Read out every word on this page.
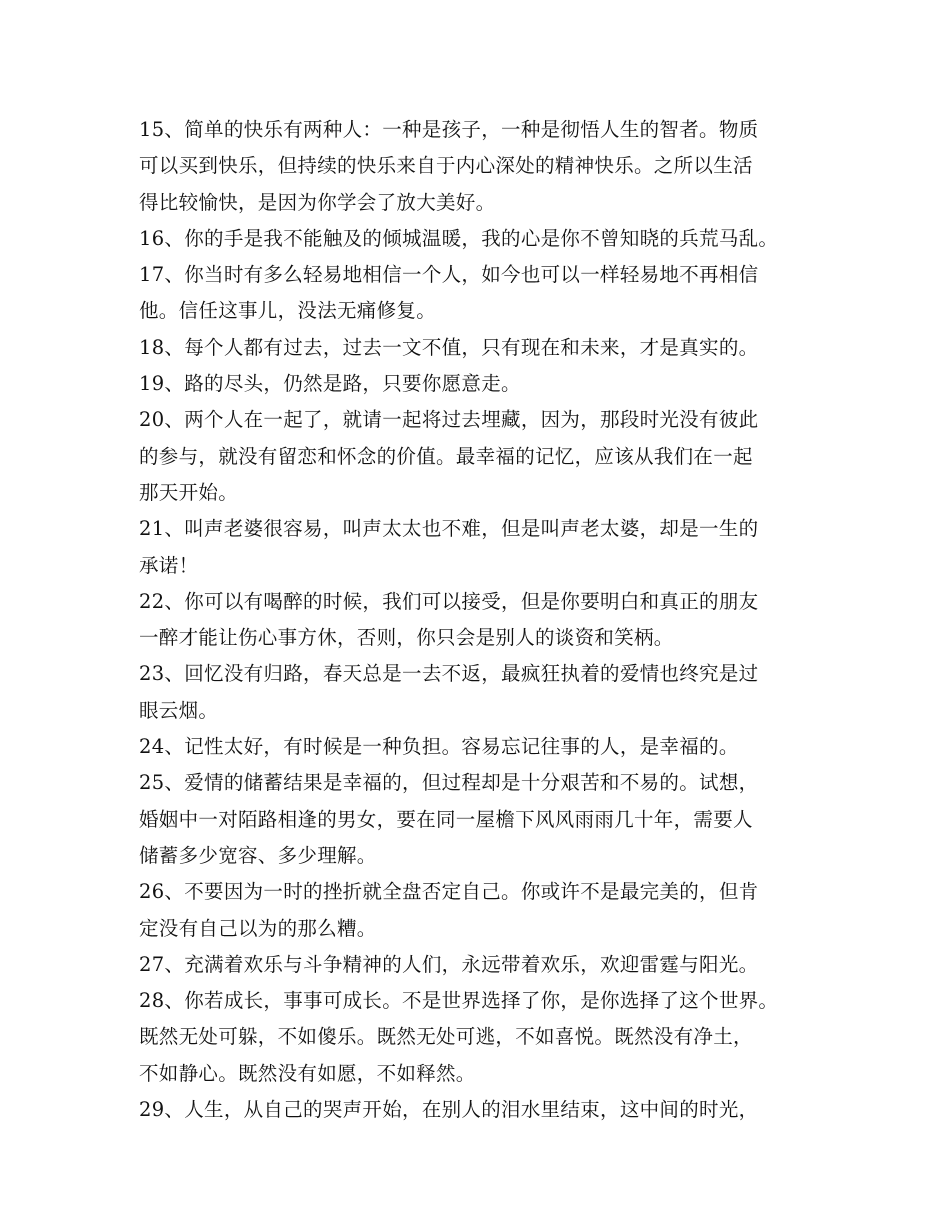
15、简单的快乐有两种人：一种是孩子，一种是彻悟人生的智者。物质
可以买到快乐，但持续的快乐来自于内心深处的精神快乐。之所以生活
得比较愉快，是因为你学会了放大美好。

16、你的手是我不能触及的倾城温暖，我的心是你不曾知晓的兵荒马乱。

17、你当时有多么轻易地相信一个人，如今也可以一样轻易地不再相信
他。信任这事儿，没法无痛修复。

18、每个人都有过去，过去一文不值，只有现在和未来，才是真实的。

19、路的尽头，仍然是路，只要你愿意走。

20、两个人在一起了，就请一起将过去埋藏，因为，那段时光没有彼此
的参与，就没有留恋和怀念的价值。最幸福的记忆，应该从我们在一起
那天开始。

21、叫声老婆很容易，叫声太太也不难，但是叫声老太婆，却是一生的
承诺！

22、你可以有喝醉的时候，我们可以接受，但是你要明白和真正的朋友
一醉才能让伤心事方休，否则，你只会是别人的谈资和笑柄。

23、回忆没有归路，春天总是一去不返，最疯狂执着的爱情也终究是过
眼云烟。

24、记性太好，有时候是一种负担。容易忘记往事的人，是幸福的。

25、爱情的储蓄结果是幸福的，但过程却是十分艰苦和不易的。试想，
婚姻中一对陌路相逢的男女，要在同一屋檐下风风雨雨几十年，需要人
储蓄多少宽容、多少理解。

26、不要因为一时的挫折就全盘否定自己。你或许不是最完美的，但肯
定没有自己以为的那么糟。

27、充满着欢乐与斗争精神的人们，永远带着欢乐，欢迎雷霆与阳光。

28、你若成长，事事可成长。不是世界选择了你，是你选择了这个世界。
既然无处可躲，不如傻乐。既然无处可逃，不如喜悦。既然没有净土，
不如静心。既然没有如愿，不如释然。

29、人生，从自己的哭声开始，在别人的泪水里结束，这中间的时光，
